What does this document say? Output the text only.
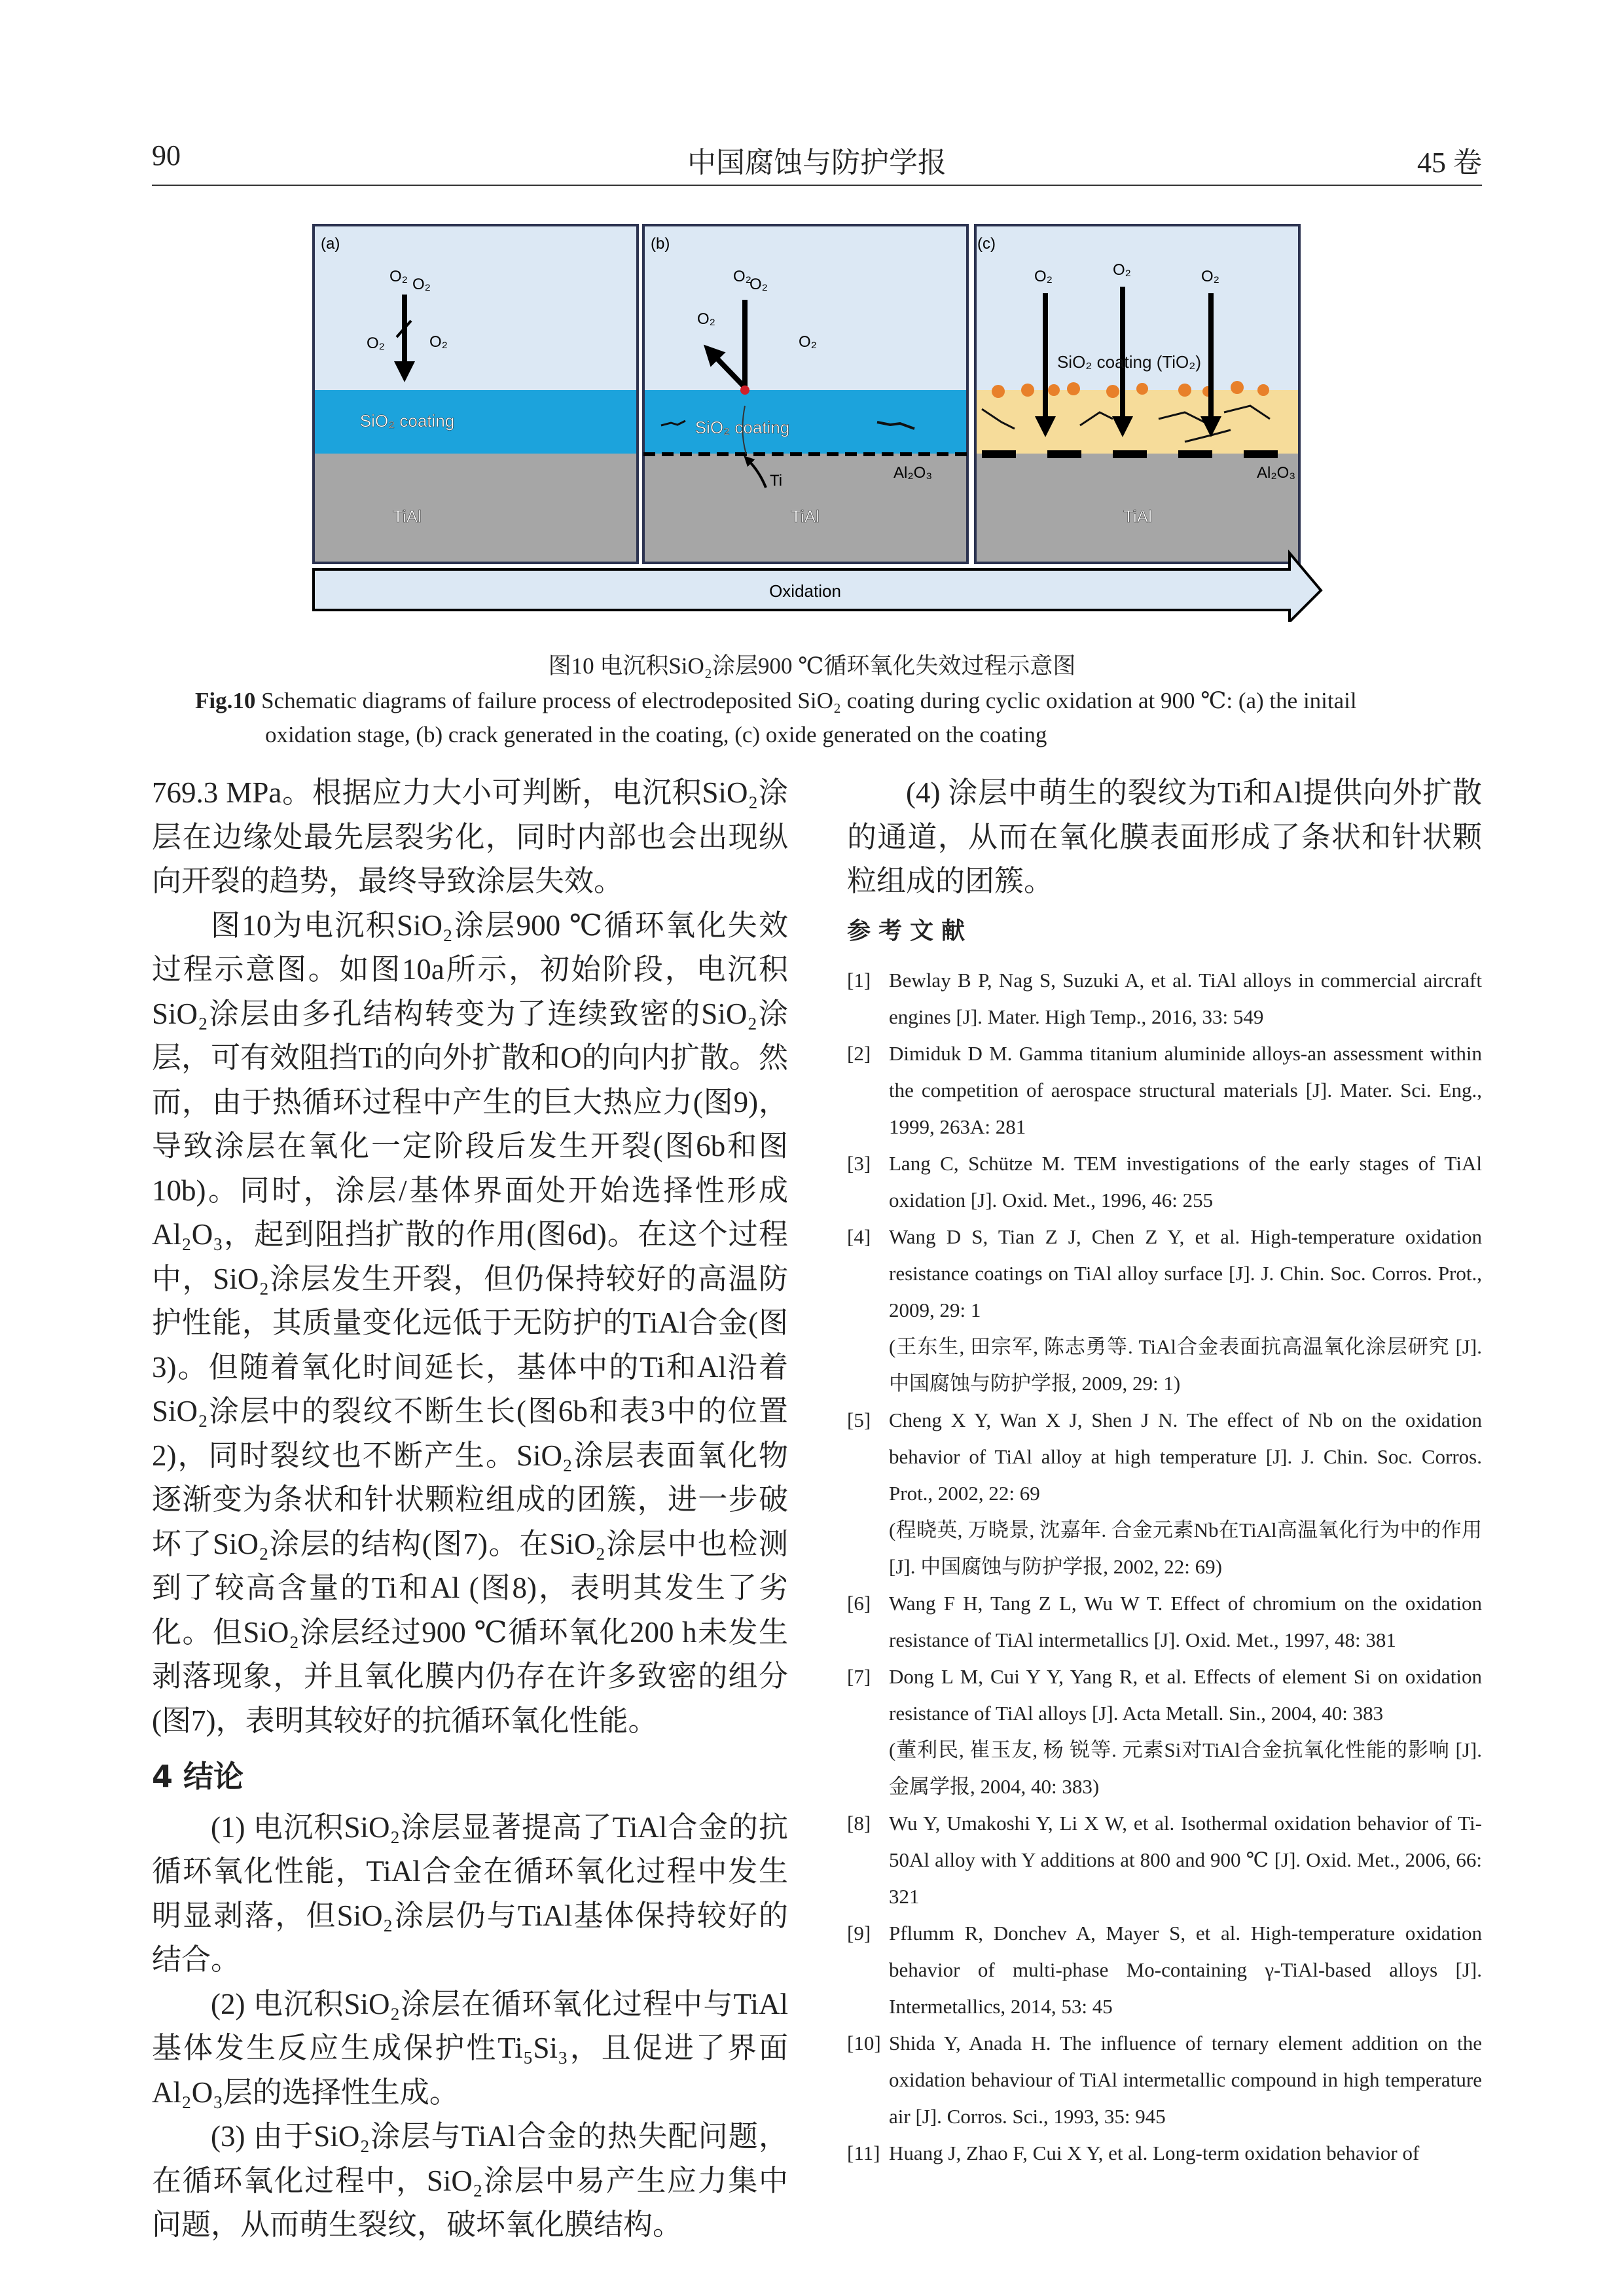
90	中国腐蚀与防护学报	45 卷
(a)
O₂
O₂ O₂
O₂
SiO₂ coating
TiAl
(b)
O₂
O₂
O₂
O₂
SiO₂ coating
Ti	Al₂O₃
TiAl
(c)
O₂	O₂	O₂
SiO₂ coating (TiO₂)
Al₂O₃
TiAl
Oxidation
图10 电沉积SiO₂涂层900 ℃循环氧化失效过程示意图
Fig.10 Schematic diagrams of failure process of electrodeposited SiO₂ coating during cyclic oxidation at 900 ℃: (a) the initail
oxidation stage, (b) crack generated in the coating, (c) oxide generated on the coating

769.3 MPa。根据应力大小可判断，电沉积SiO₂涂层在边缘处最先层裂劣化，同时内部也会出现纵向开裂的趋势，最终导致涂层失效。

图10为电沉积SiO₂涂层900 ℃循环氧化失效过程示意图。如图10a所示，初始阶段，电沉积SiO₂涂层由多孔结构转变为了连续致密的SiO₂涂层，可有效阻挡Ti的向外扩散和O的向内扩散。然而，由于热循环过程中产生的巨大热应力(图9)，导致涂层在氧化一定阶段后发生开裂(图6b和图10b)。同时，涂层/基体界面处开始选择性形成Al₂O₃，起到阻挡扩散的作用(图6d)。在这个过程中，SiO₂涂层发生开裂，但仍保持较好的高温防护性能，其质量变化远低于无防护的TiAl合金(图3)。但随着氧化时间延长，基体中的Ti和Al沿着SiO₂涂层中的裂纹不断生长(图6b和表3中的位置2)，同时裂纹也不断产生。SiO₂涂层表面氧化物逐渐变为条状和针状颗粒组成的团簇，进一步破坏了SiO₂涂层的结构(图7)。在SiO₂涂层中也检测到了较高含量的Ti和Al (图8)，表明其发生了劣化。但SiO₂涂层经过900 ℃循环氧化200 h未发生剥落现象，并且氧化膜内仍存在许多致密的组分(图7)，表明其较好的抗循环氧化性能。

4 结论

(1) 电沉积SiO₂涂层显著提高了TiAl合金的抗循环氧化性能，TiAl合金在循环氧化过程中发生明显剥落，但SiO₂涂层仍与TiAl基体保持较好的结合。

(2) 电沉积SiO₂涂层在循环氧化过程中与TiAl基体发生反应生成保护性Ti₅Si₃，且促进了界面Al₂O₃层的选择性生成。

(3) 由于SiO₂涂层与TiAl合金的热失配问题，在循环氧化过程中，SiO₂涂层中易产生应力集中问题，从而萌生裂纹，破坏氧化膜结构。

(4) 涂层中萌生的裂纹为Ti和Al提供向外扩散的通道，从而在氧化膜表面形成了条状和针状颗粒组成的团簇。

参考文献
[1] Bewlay B P, Nag S, Suzuki A, et al. TiAl alloys in commercial aircraft engines [J]. Mater. High Temp., 2016, 33: 549
[2] Dimiduk D M. Gamma titanium aluminide alloys-an assessment within the competition of aerospace structural materials [J]. Mater. Sci. Eng., 1999, 263A: 281
[3] Lang C, Schütze M. TEM investigations of the early stages of TiAl oxidation [J]. Oxid. Met., 1996, 46: 255
[4] Wang D S, Tian Z J, Chen Z Y, et al. High-temperature oxidation resistance coatings on TiAl alloy surface [J]. J. Chin. Soc. Corros. Prot., 2009, 29: 1
(王东生, 田宗军, 陈志勇等. TiAl合金表面抗高温氧化涂层研究 [J]. 中国腐蚀与防护学报, 2009, 29: 1)
[5] Cheng X Y, Wan X J, Shen J N. The effect of Nb on the oxidation behavior of TiAl alloy at high temperature [J]. J. Chin. Soc. Corros. Prot., 2002, 22: 69
(程晓英, 万晓景, 沈嘉年. 合金元素Nb在TiAl高温氧化行为中的作用 [J]. 中国腐蚀与防护学报, 2002, 22: 69)
[6] Wang F H, Tang Z L, Wu W T. Effect of chromium on the oxidation resistance of TiAl intermetallics [J]. Oxid. Met., 1997, 48: 381
[7] Dong L M, Cui Y Y, Yang R, et al. Effects of element Si on oxidation resistance of TiAl alloys [J]. Acta Metall. Sin., 2004, 40: 383
(董利民, 崔玉友, 杨 锐等. 元素Si对TiAl合金抗氧化性能的影响 [J]. 金属学报, 2004, 40: 383)
[8] Wu Y, Umakoshi Y, Li X W, et al. Isothermal oxidation behavior of Ti-50Al alloy with Y additions at 800 and 900 ℃ [J]. Oxid. Met., 2006, 66: 321
[9] Pflumm R, Donchev A, Mayer S, et al. High-temperature oxidation behavior of multi-phase Mo-containing γ-TiAl-based alloys [J]. Intermetallics, 2014, 53: 45
[10] Shida Y, Anada H. The influence of ternary element addition on the oxidation behaviour of TiAl intermetallic compound in high temperature air [J]. Corros. Sci., 1993, 35: 945
[11] Huang J, Zhao F, Cui X Y, et al. Long-term oxidation behavior of
